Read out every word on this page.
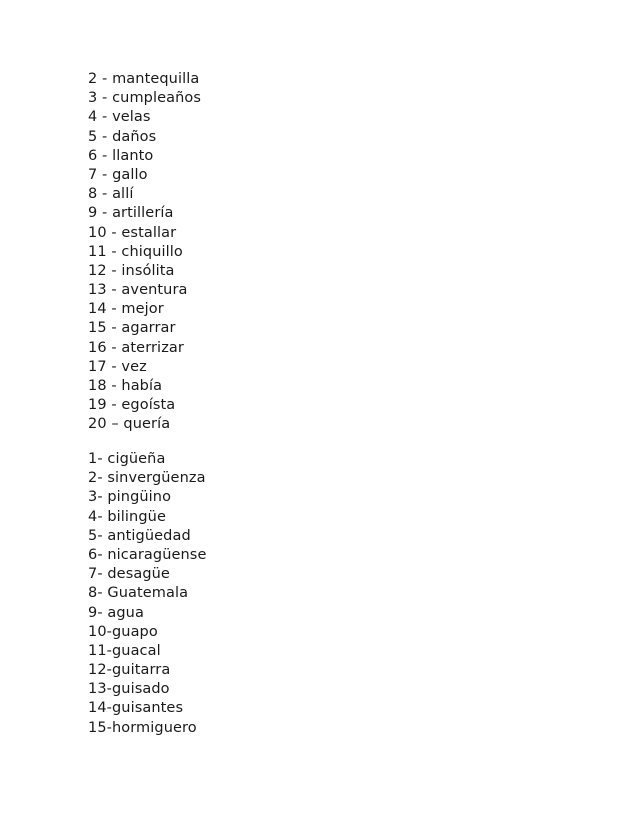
2 - mantequilla
3 - cumpleaños
4 - velas
5 - daños
6 - llanto
7 - gallo
8 - allí
9 - artillería
10 - estallar
11 - chiquillo
12 - insólita
13 - aventura
14 - mejor
15 - agarrar
16 - aterrizar
17 - vez
18 - había
19 - egoísta
20 – quería
1- cigüeña
2- sinvergüenza
3- pingüino
4- bilingüe
5- antigüedad
6- nicaragüense
7- desagüe
8- Guatemala
9- agua
10-guapo
11-guacal
12-guitarra
13-guisado
14-guisantes
15-hormiguero
